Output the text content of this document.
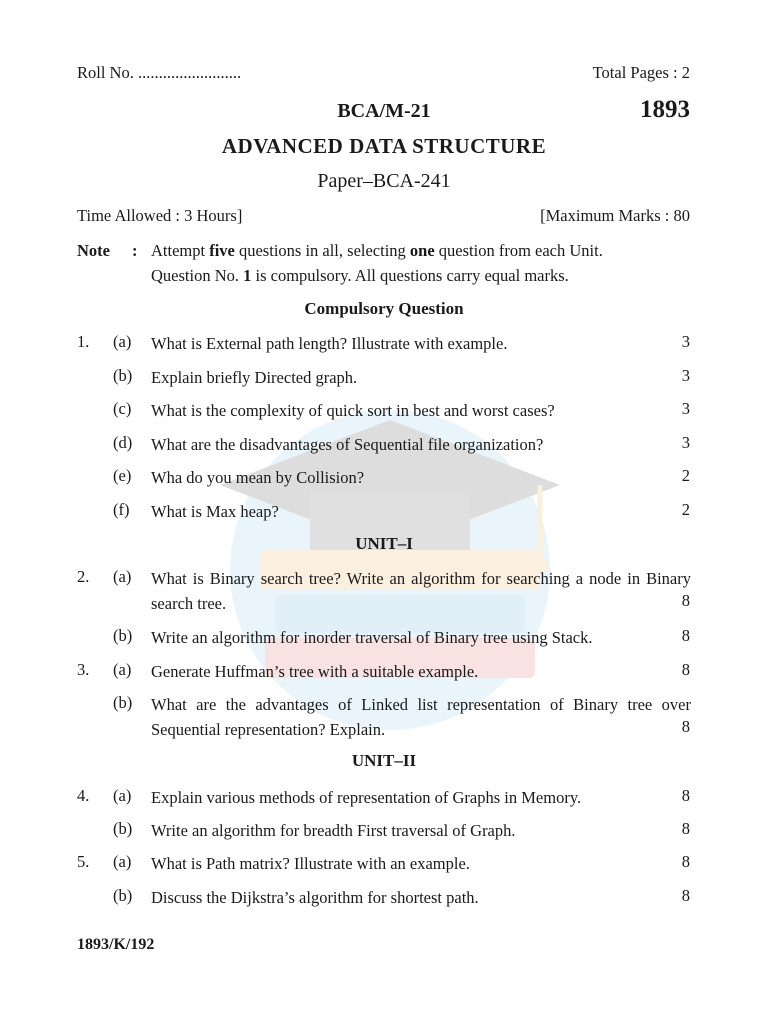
Roll No. .........................	Total Pages : 2
BCA/M-21	1893
ADVANCED DATA STRUCTURE
Paper–BCA-241
Time Allowed : 3 Hours]	[Maximum Marks : 80
Note : Attempt five questions in all, selecting one question from each Unit.
Question No. 1 is compulsory. All questions carry equal marks.
Compulsory Question
1. (a) What is External path length? Illustrate with example.	3
(b) Explain briefly Directed graph.	3
(c) What is the complexity of quick sort in best and worst cases?	3
(d) What are the disadvantages of Sequential file organization?	3
(e) Wha do you mean by Collision?	2
(f) What is Max heap?	2
UNIT–I
2. (a) What is Binary search tree? Write an algorithm for searching a node in Binary search tree.	8
(b) Write an algorithm for inorder traversal of Binary tree using Stack.	8
3. (a) Generate Huffman’s tree with a suitable example.	8
(b) What are the advantages of Linked list representation of Binary tree over Sequential representation? Explain.	8
UNIT–II
4. (a) Explain various methods of representation of Graphs in Memory.	8
(b) Write an algorithm for breadth First traversal of Graph.	8
5. (a) What is Path matrix? Illustrate with an example.	8
(b) Discuss the Dijkstra’s algorithm for shortest path.	8
1893/K/192
